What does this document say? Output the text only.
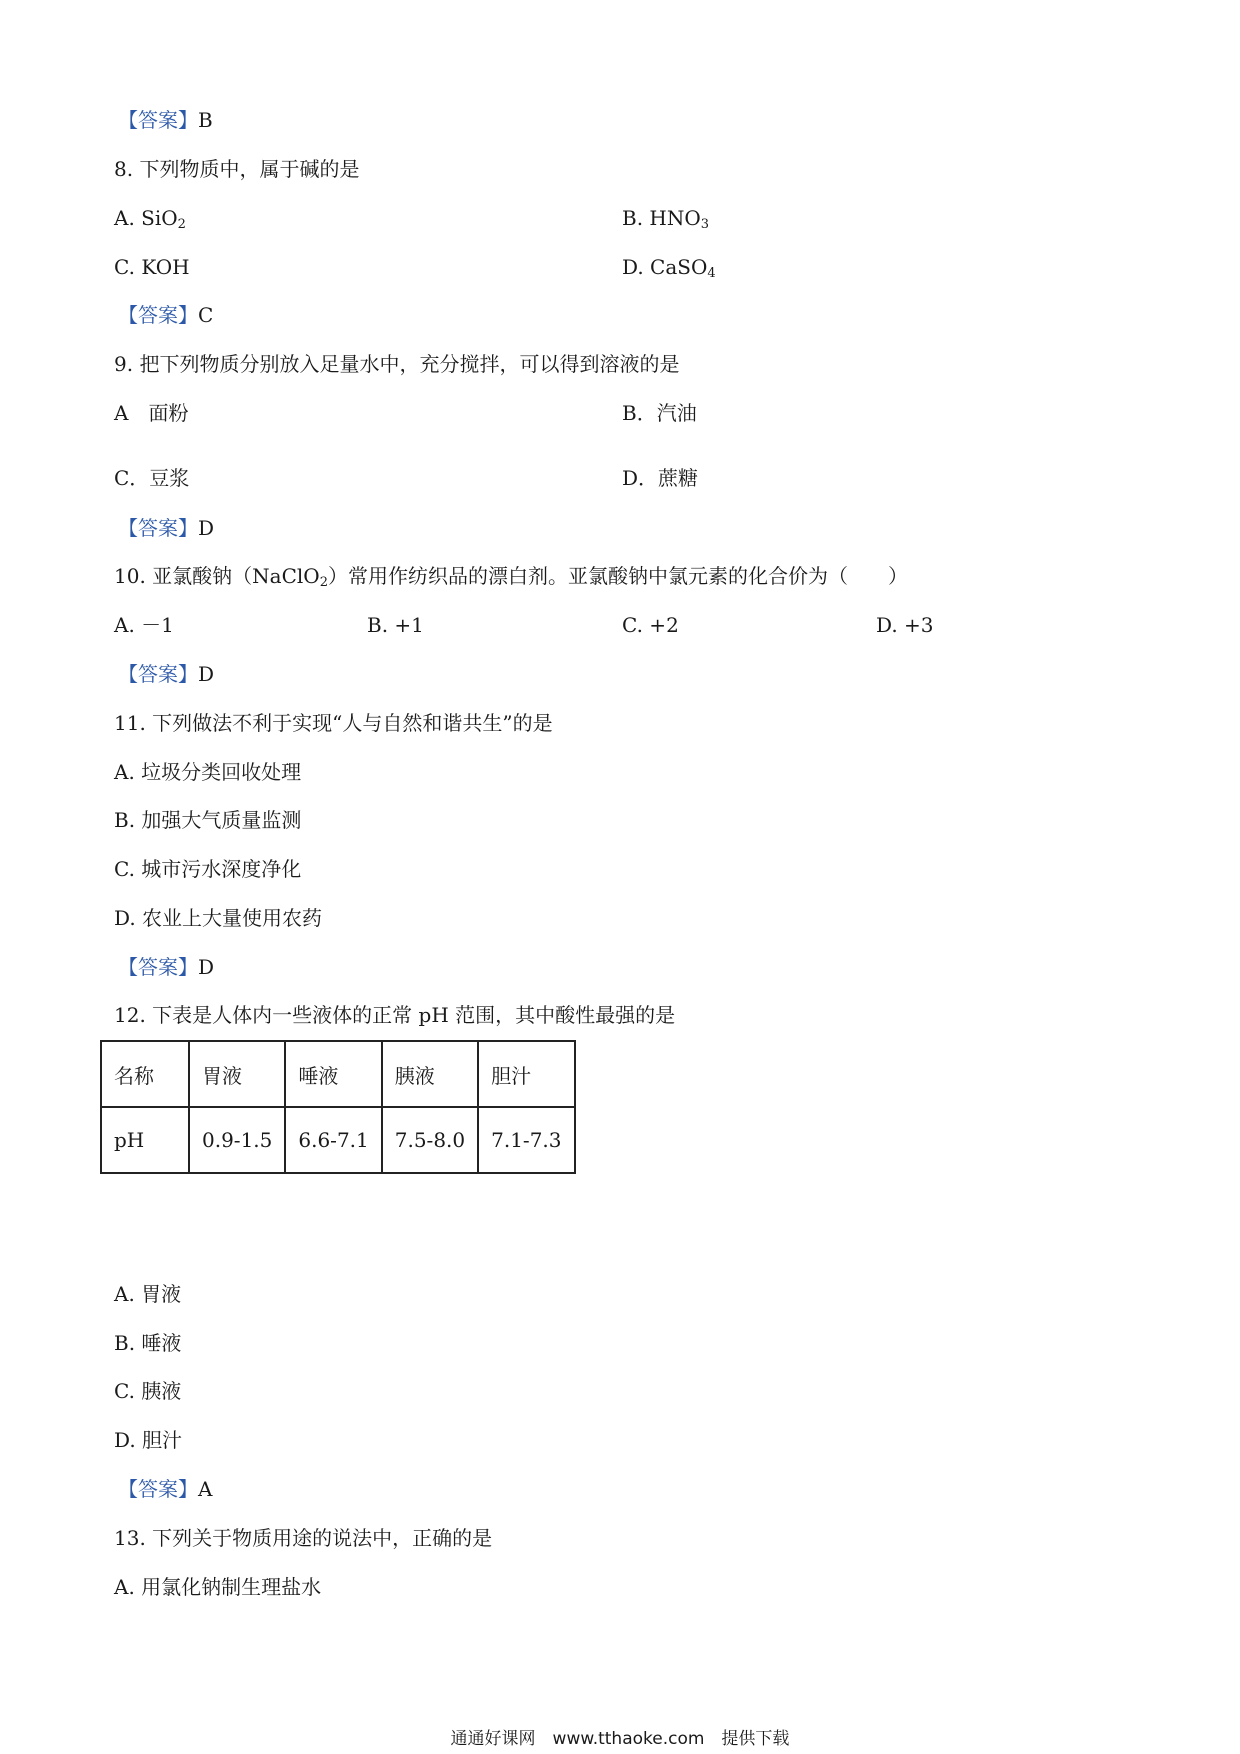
【答案】B
8. 下列物质中，属于碱的是
A. SiO$_2$	B. $HNO_3$
C. KOH	D. CaSO$_4$
【答案】C
9. 把下列物质分别放入足量水中，充分搅拌，可以得到溶液的是
A　面粉	B．汽油
C．豆浆	D．蔗糖
【答案】D
10. 亚氯酸钠（NaClO$_2$）常用作纺织品的漂白剂。亚氯酸钠中氯元素的化合价为（　　）
A. －1	B. +1	C. +2	D. +3
【答案】D
11. 下列做法不利于实现“人与自然和谐共生”的是
A. 垃圾分类回收处理
B. 加强大气质量监测
C. 城市污水深度净化
D. 农业上大量使用农药
【答案】D
12. 下表是人体内一些液体的正常 pH 范围，其中酸性最强的是
名称	胃液	唾液	胰液	胆汁
pH	0.9-1.5	6.6-7.1	7.5-8.0	7.1-7.3
A. 胃液
B. 唾液
C. 胰液
D. 胆汁
【答案】A
13. 下列关于物质用途的说法中，正确的是
A. 用氯化钠制生理盐水
通通好课网　www.tthaoke.com　提供下载
